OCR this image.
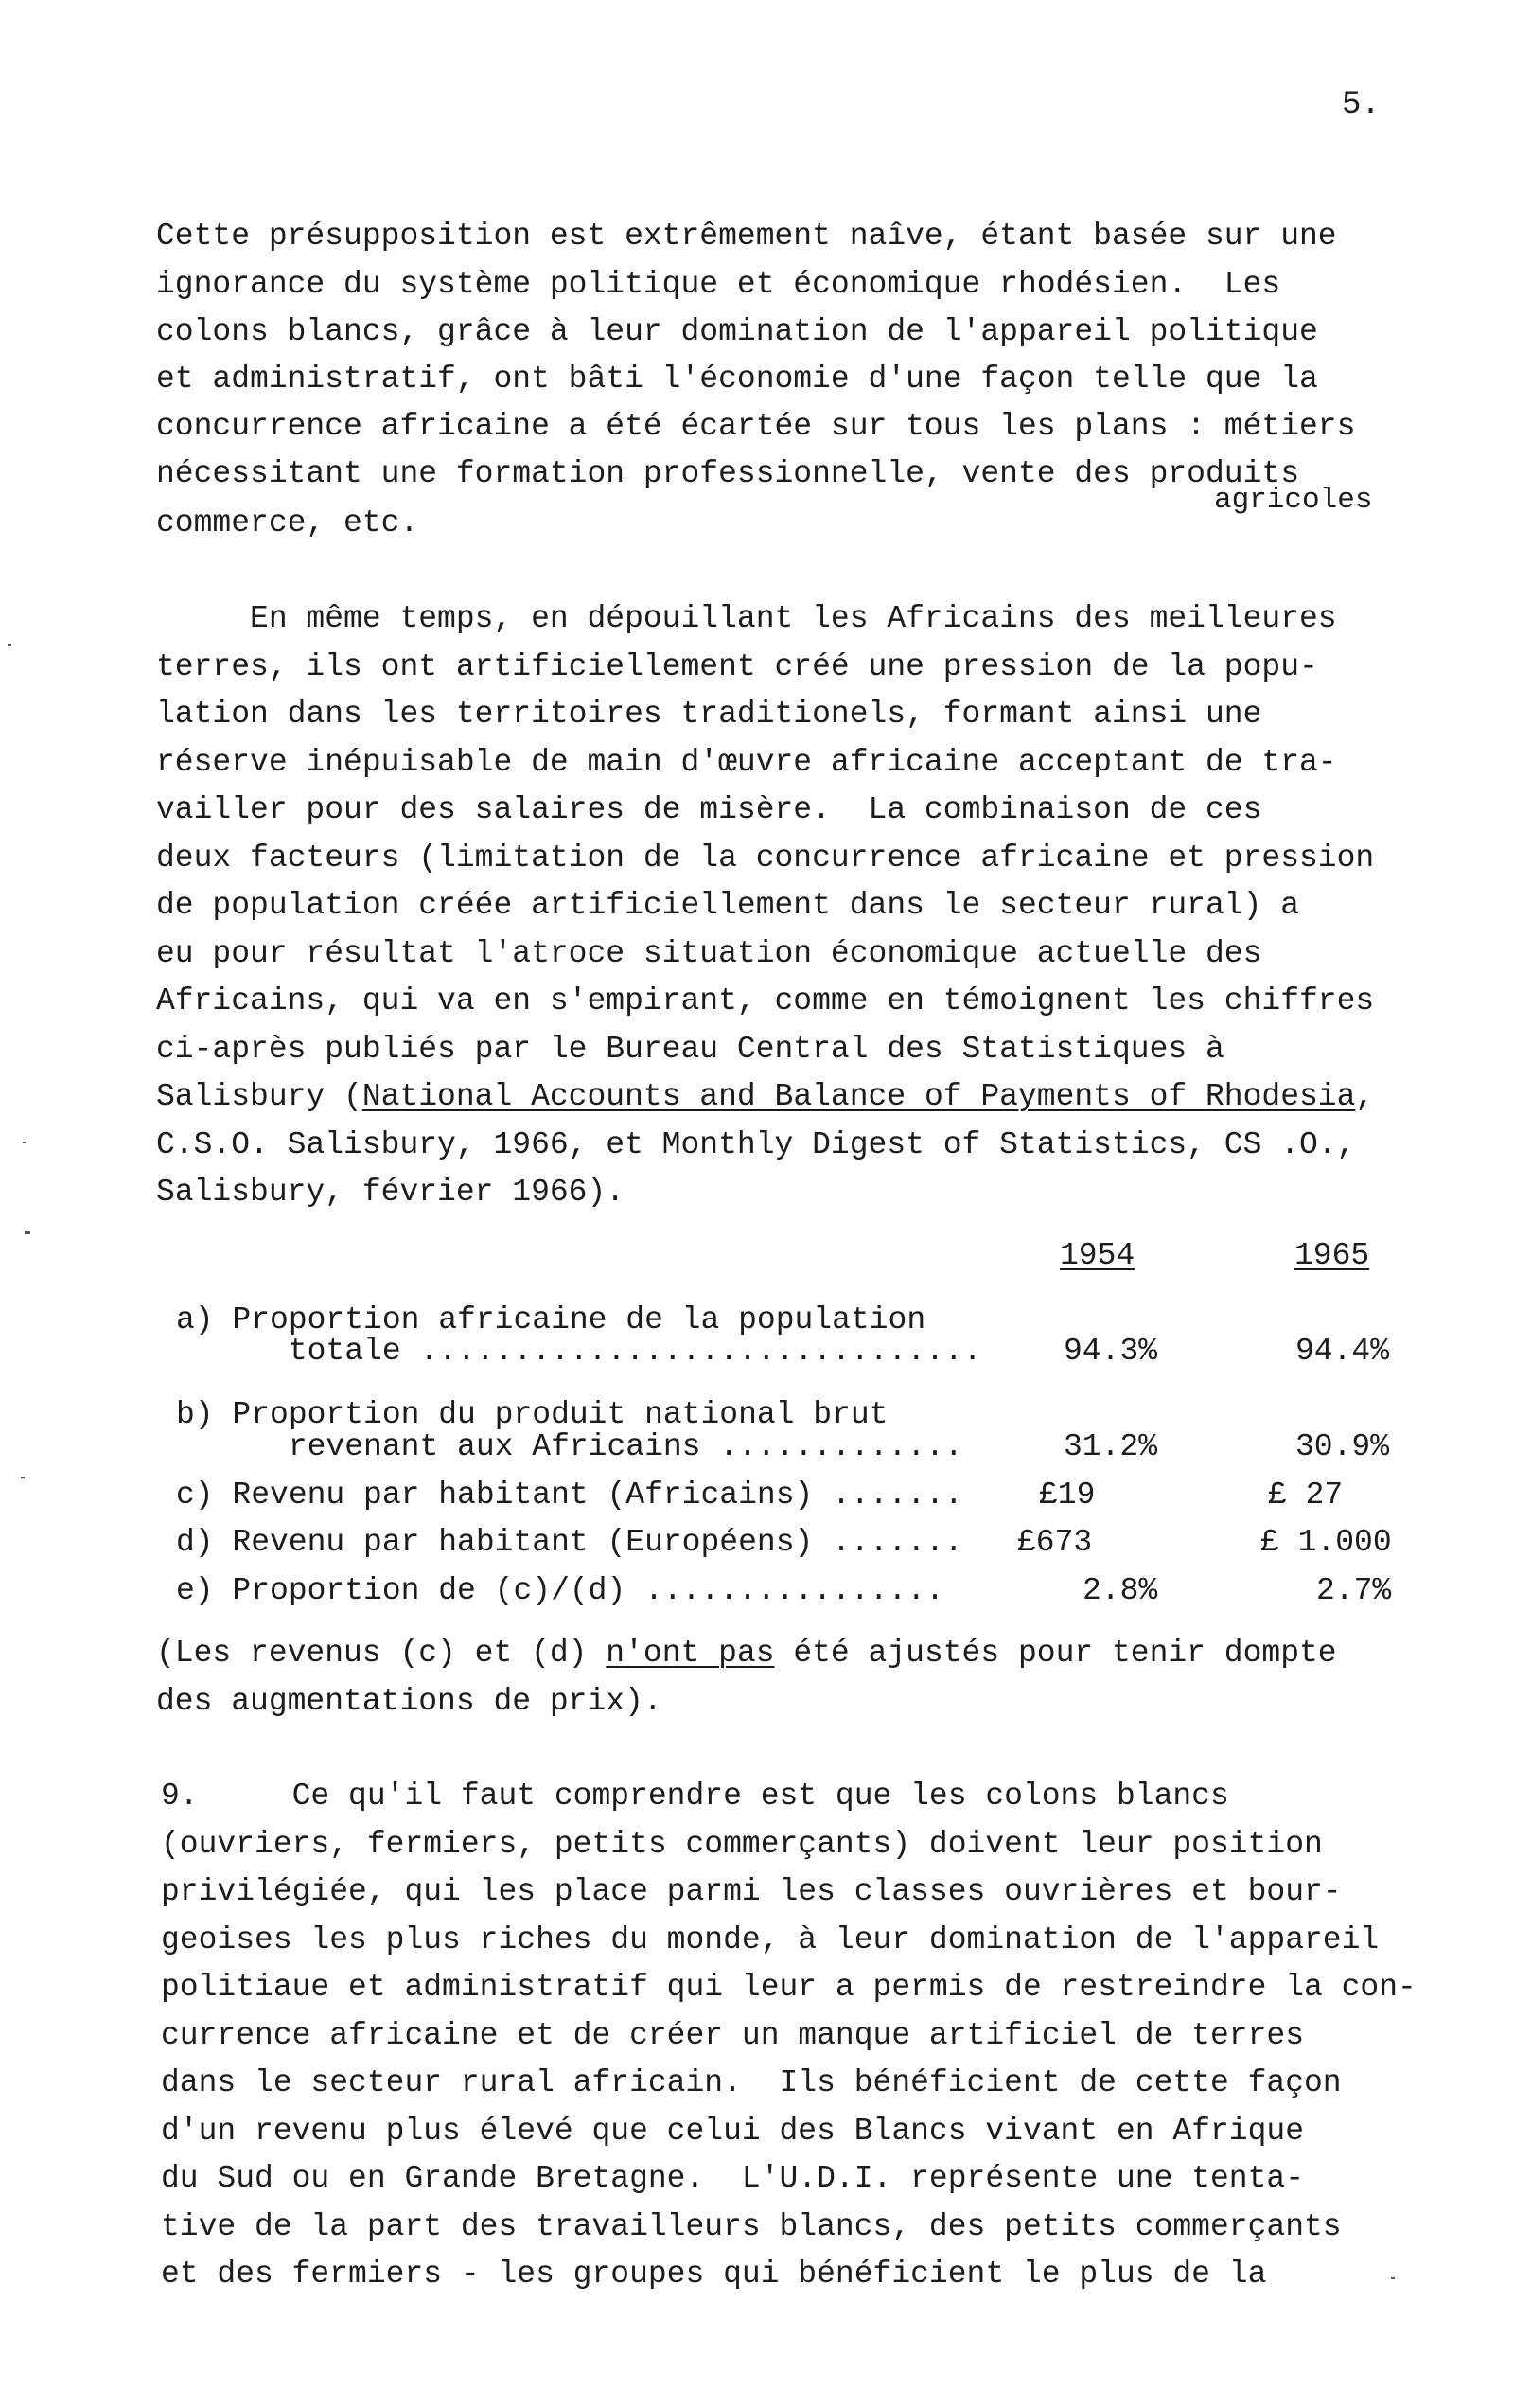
5.
Cette présupposition est extrêmement naîve, étant basée sur une
ignorance du système politique et économique rhodésien.  Les
colons blancs, grâce à leur domination de l'appareil politique
et administratif, ont bâti l'économie d'une façon telle que la
concurrence africaine a été écartée sur tous les plans : métiers
nécessitant une formation professionnelle, vente des produits
agricoles
commerce, etc.
En même temps, en dépouillant les Africains des meilleures
terres, ils ont artificiellement créé une pression de la popu-
lation dans les territoires traditionels, formant ainsi une
réserve inépuisable de main d'œuvre africaine acceptant de tra-
vailler pour des salaires de misère.  La combinaison de ces
deux facteurs (limitation de la concurrence africaine et pression
de population créée artificiellement dans le secteur rural) a
eu pour résultat l'atroce situation économique actuelle des
Africains, qui va en s'empirant, comme en témoignent les chiffres
ci-après publiés par le Bureau Central des Statistiques à
Salisbury (National Accounts and Balance of Payments of Rhodesia,
C.S.O. Salisbury, 1966, et Monthly Digest of Statistics, CS .O.,
Salisbury, février 1966).
1954	1965
a) Proportion africaine de la population
totale ..............................	94.3%	94.4%
b) Proportion du produit national brut
revenant aux Africains .............	31.2%	30.9%
c) Revenu par habitant (Africains) ....... £19	£ 27
d) Revenu par habitant (Européens) ....... £673	£ 1.000
e) Proportion de (c)/(d) ................	2.8%	2.7%
(Les revenus (c) et (d) n'ont pas été ajustés pour tenir dompte
des augmentations de prix).
9.     Ce qu'il faut comprendre est que les colons blancs
(ouvriers, fermiers, petits commerçants) doivent leur position
privilégiée, qui les place parmi les classes ouvrières et bour-
geoises les plus riches du monde, à leur domination de l'appareil
politiaue et administratif qui leur a permis de restreindre la con-
currence africaine et de créer un manque artificiel de terres
dans le secteur rural africain.  Ils bénéficient de cette façon
d'un revenu plus élevé que celui des Blancs vivant en Afrique
du Sud ou en Grande Bretagne.  L'U.D.I. représente une tenta-
tive de la part des travailleurs blancs, des petits commerçants
et des fermiers - les groupes qui bénéficient le plus de la
